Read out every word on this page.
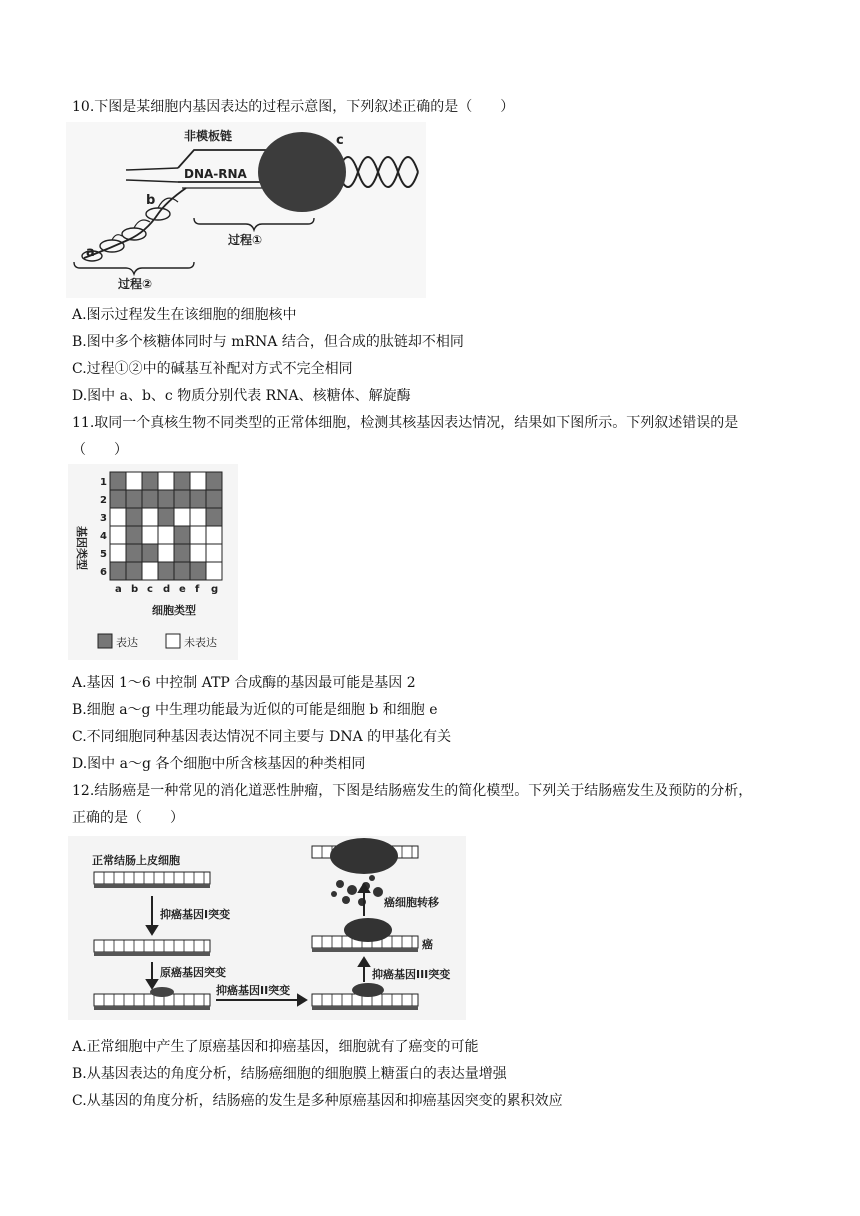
10.下图是某细胞内基因表达的过程示意图，下列叙述正确的是（　　）
非模板链
DNA-RNA
c
b
a
过程①
过程②
A.图示过程发生在该细胞的细胞核中
B.图中多个核糖体同时与 mRNA 结合，但合成的肽链却不相同
C.过程①②中的碱基互补配对方式不完全相同
D.图中 a、b、c 物质分别代表 RNA、核糖体、解旋酶
11.取同一个真核生物不同类型的正常体细胞，检测其核基因表达情况，结果如下图所示。下列叙述错误的是
（　　）
1
2
3
4
5
6
a b c d e f g
基因类型
细胞类型
表达	未表达
A.基因 1～6 中控制 ATP 合成酶的基因最可能是基因 2
B.细胞 a～g 中生理功能最为近似的可能是细胞 b 和细胞 e
C.不同细胞同种基因表达情况不同主要与 DNA 的甲基化有关
D.图中 a～g 各个细胞中所含核基因的种类相同
12.结肠癌是一种常见的消化道恶性肿瘤，下图是结肠癌发生的简化模型。下列关于结肠癌发生及预防的分析，
正确的是（　　）
正常结肠上皮细胞
抑癌基因I突变
原癌基因突变
抑癌基因II突变
抑癌基因III突变
癌
癌细胞转移
A.正常细胞中产生了原癌基因和抑癌基因，细胞就有了癌变的可能
B.从基因表达的角度分析，结肠癌细胞的细胞膜上糖蛋白的表达量增强
C.从基因的角度分析，结肠癌的发生是多种原癌基因和抑癌基因突变的累积效应
